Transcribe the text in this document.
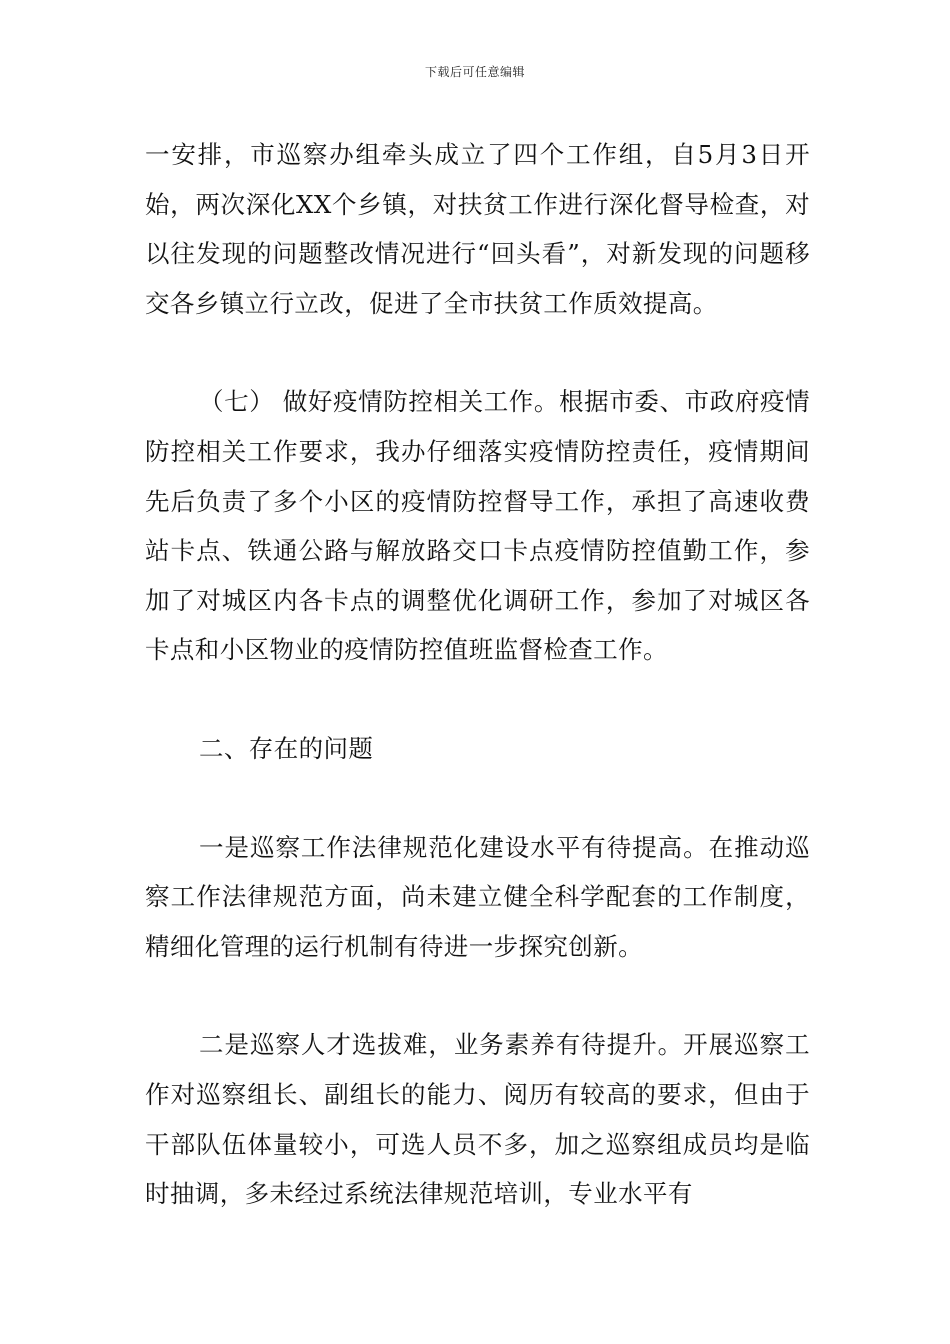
下载后可任意编辑

一安排，市巡察办组牵头成立了四个工作组，自5月3日开始，两次深化XX个乡镇，对扶贫工作进行深化督导检查，对以往发现的问题整改情况进行“回头看”，对新发现的问题移交各乡镇立行立改，促进了全市扶贫工作质效提高。

（七） 做好疫情防控相关工作。根据市委、市政府疫情防控相关工作要求，我办仔细落实疫情防控责任，疫情期间先后负责了多个小区的疫情防控督导工作，承担了高速收费站卡点、铁通公路与解放路交口卡点疫情防控值勤工作，参加了对城区内各卡点的调整优化调研工作，参加了对城区各卡点和小区物业的疫情防控值班监督检查工作。

二、存在的问题

一是巡察工作法律规范化建设水平有待提高。在推动巡察工作法律规范方面，尚未建立健全科学配套的工作制度，精细化管理的运行机制有待进一步探究创新。

二是巡察人才选拔难，业务素养有待提升。开展巡察工作对巡察组长、副组长的能力、阅历有较高的要求，但由于干部队伍体量较小，可选人员不多，加之巡察组成员均是临时抽调，多未经过系统法律规范培训，专业水平有
